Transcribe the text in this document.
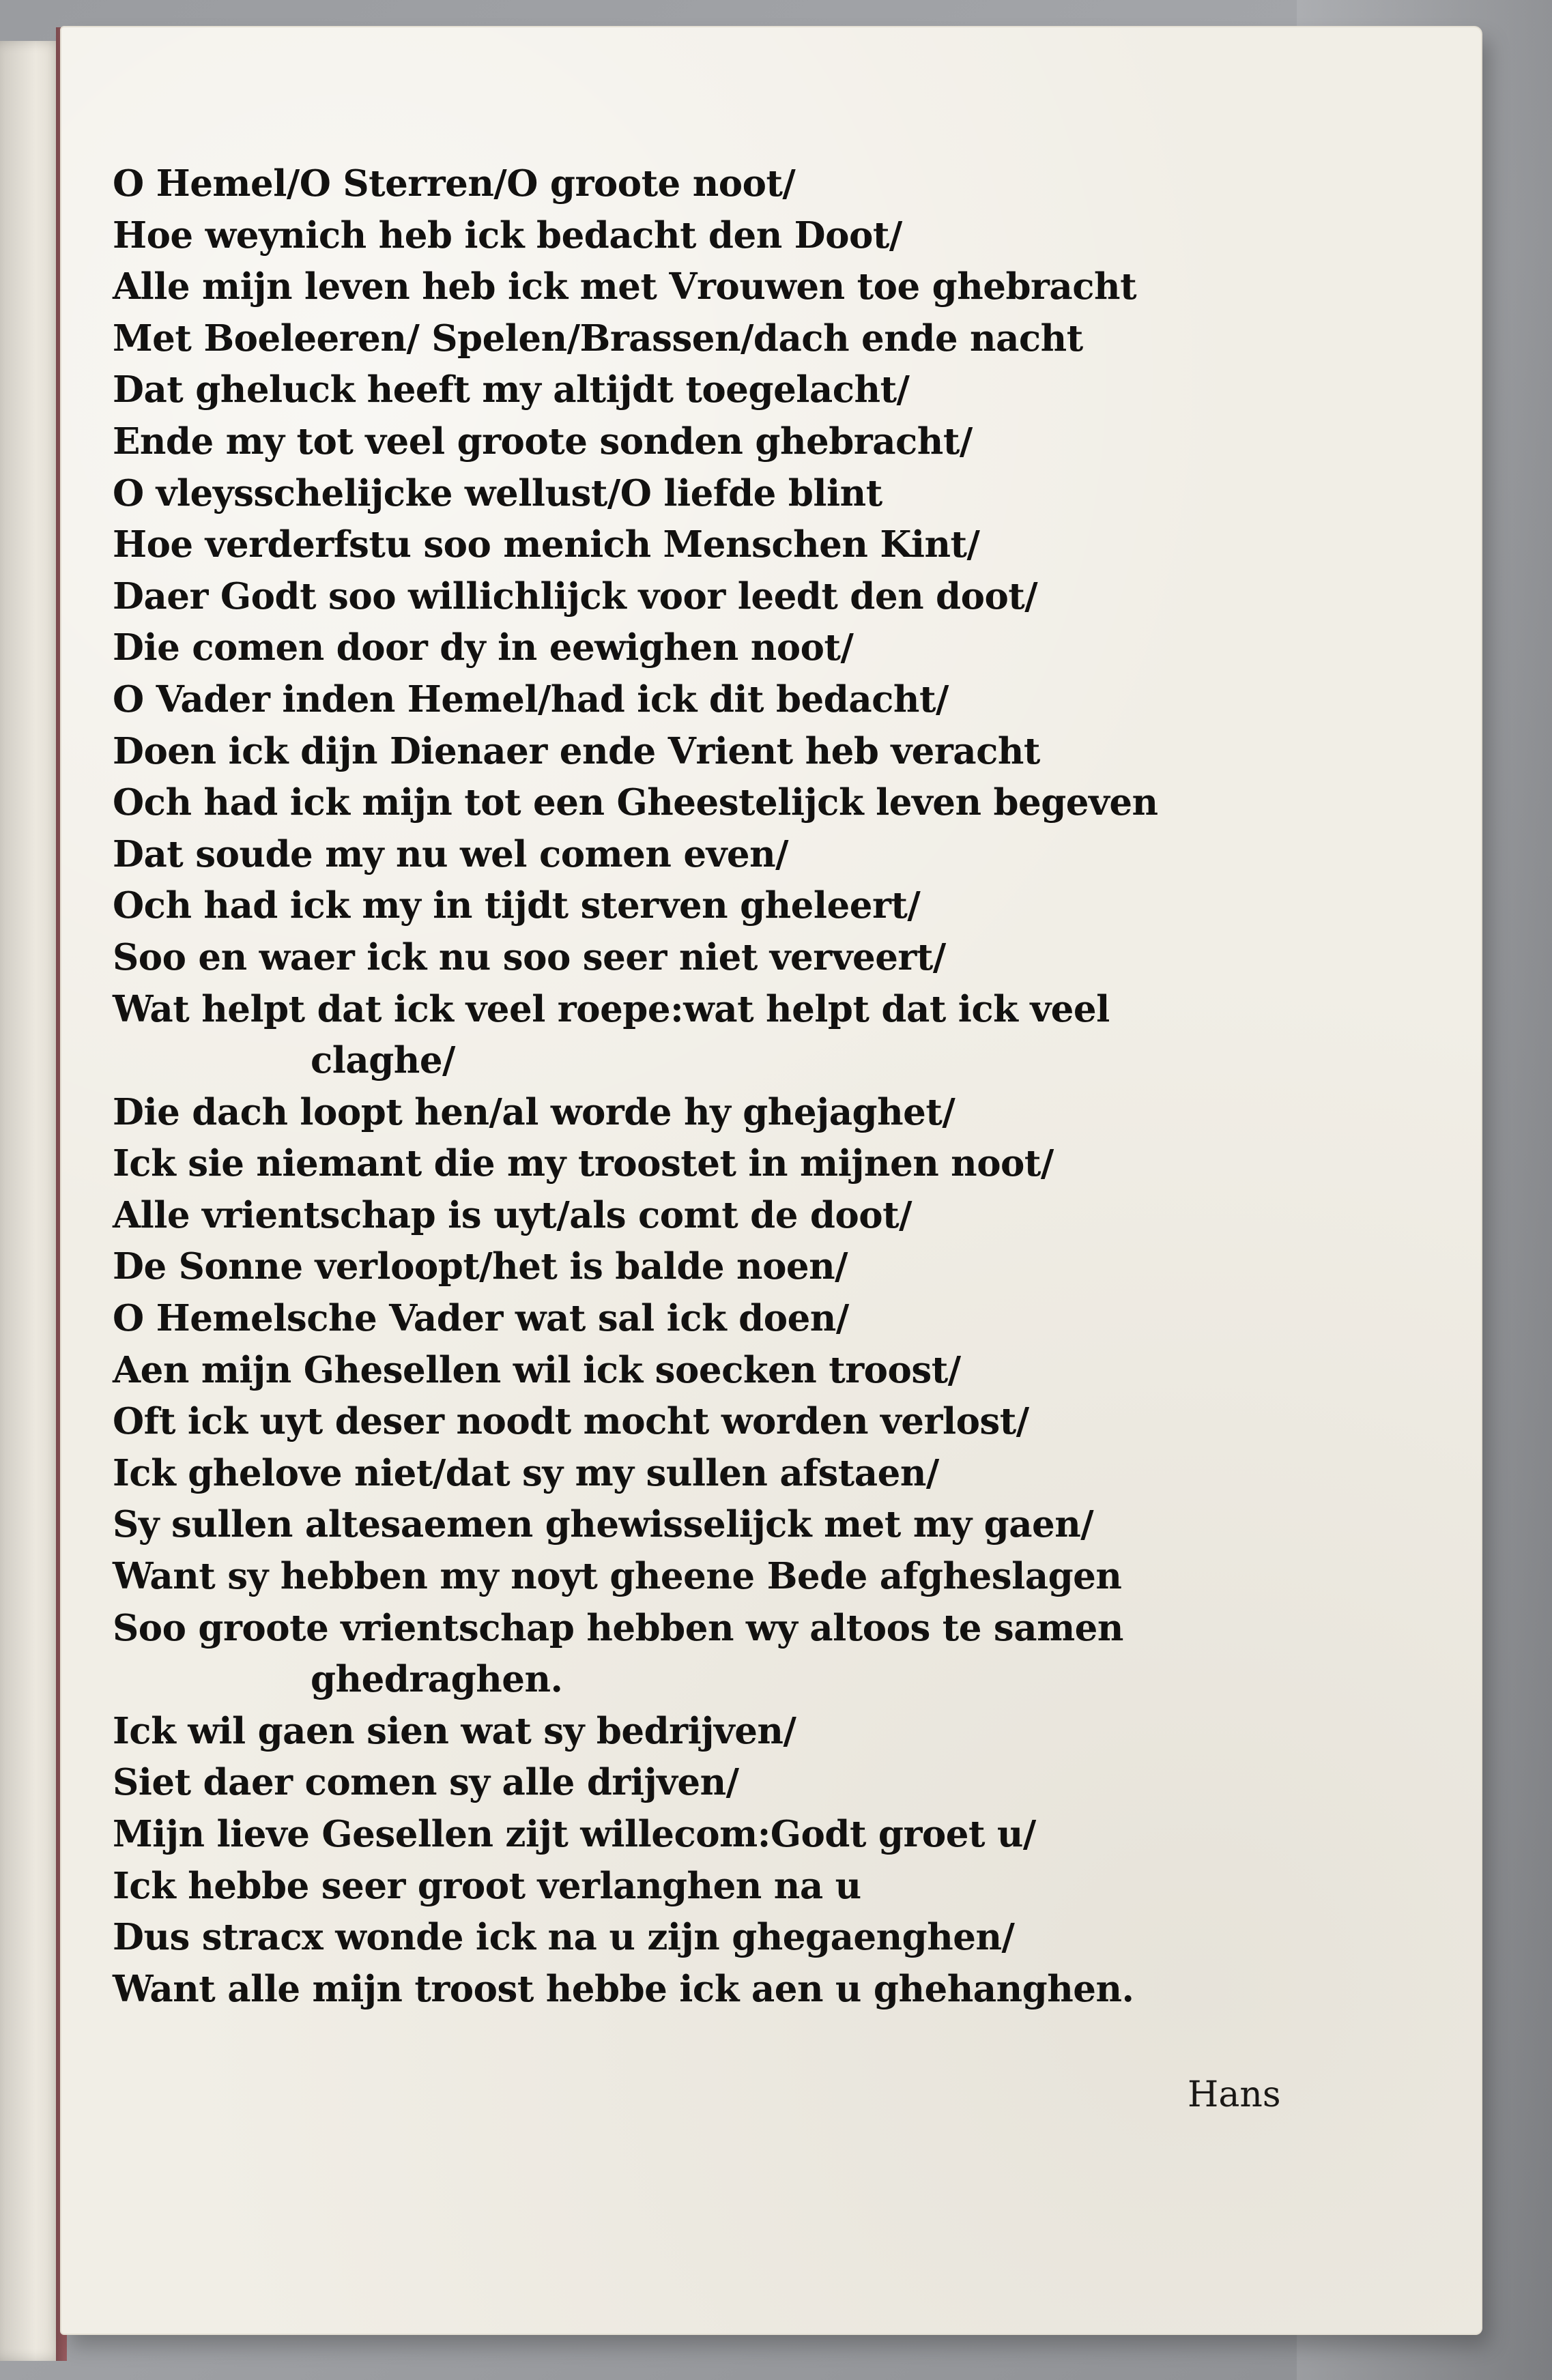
O Hemel/O Sterren/O groote noot/
Hoe weynich heb ick bedacht den Doot/
Alle mijn leven heb ick met Vrouwen toe ghebracht
Met Boeleeren/ Spelen/Brassen/dach ende nacht
Dat gheluck heeft my altijdt toegelacht/
Ende my tot veel groote sonden ghebracht/
O vleysschelijcke wellust/O liefde blint
Hoe verderfstu soo menich Menschen Kint/
Daer Godt soo willichlijck voor leedt den doot/
Die comen door dy in eewighen noot/
O Vader inden Hemel/had ick dit bedacht/
Doen ick dijn Dienaer ende Vrient heb veracht
Och had ick mijn tot een Gheestelijck leven begeven
Dat soude my nu wel comen even/
Och had ick my in tijdt sterven gheleert/
Soo en waer ick nu soo seer niet verveert/
Wat helpt dat ick veel roepe:wat helpt dat ick veel
claghe/
Die dach loopt hen/al worde hy ghejaghet/
Ick sie niemant die my troostet in mijnen noot/
Alle vrientschap is uyt/als comt de doot/
De Sonne verloopt/het is balde noen/
O Hemelsche Vader wat sal ick doen/
Aen mijn Ghesellen wil ick soecken troost/
Oft ick uyt deser noodt mocht worden verlost/
Ick ghelove niet/dat sy my sullen afstaen/
Sy sullen altesaemen ghewisselijck met my gaen/
Want sy hebben my noyt gheene Bede afgheslagen
Soo groote vrientschap hebben wy altoos te samen
ghedraghen.
Ick wil gaen sien wat sy bedrijven/
Siet daer comen sy alle drijven/
Mijn lieve Gesellen zijt willecom:Godt groet u/
Ick hebbe seer groot verlanghen na u
Dus stracx wonde ick na u zijn ghegaenghen/
Want alle mijn troost hebbe ick aen u ghehanghen.
Hans
